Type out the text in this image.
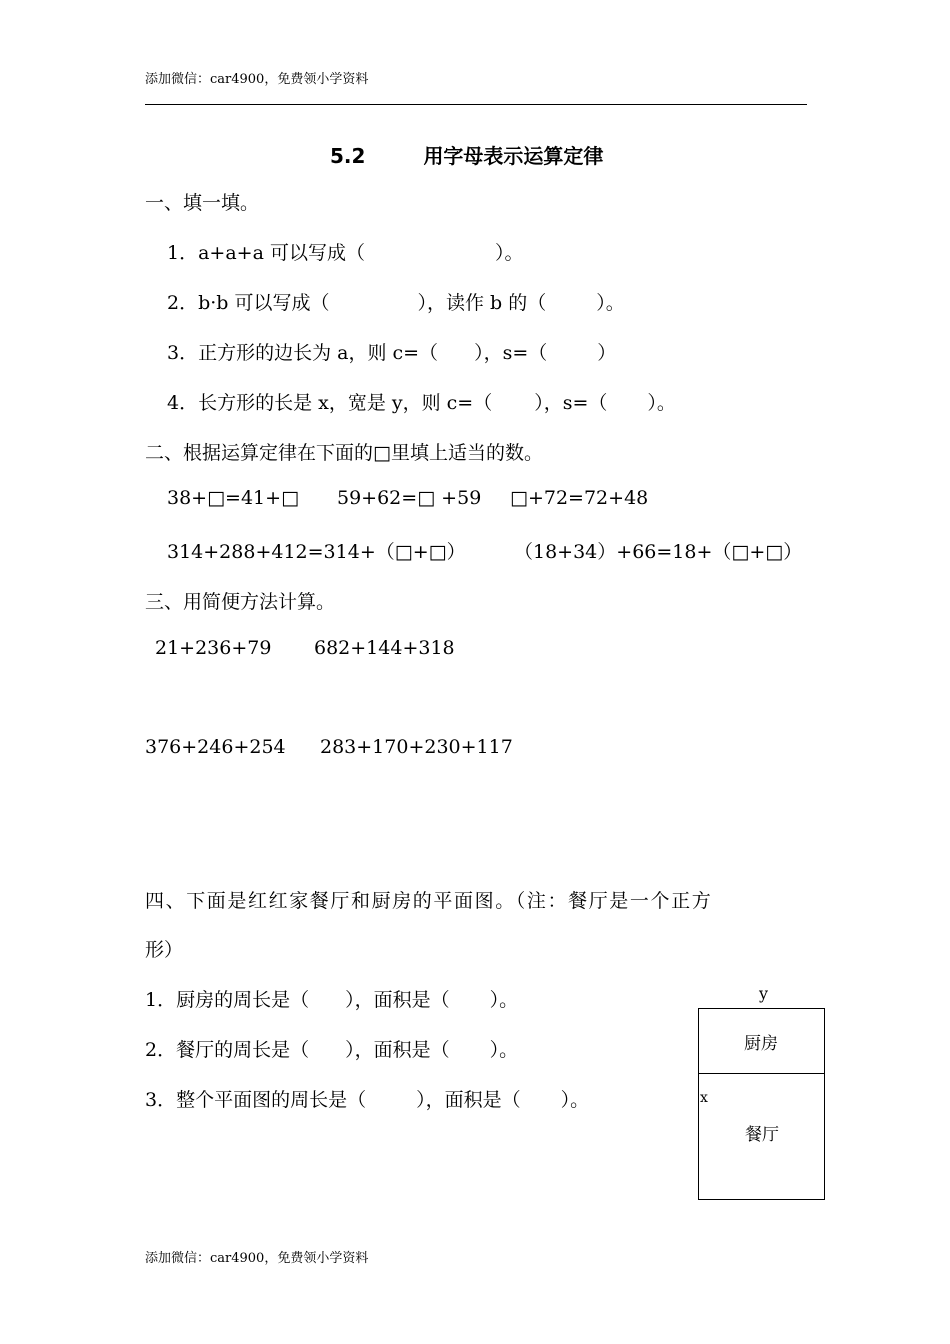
添加微信：car4900，免费领小学资料
5.2	用字母表示运算定律
一、填一填。
1．a+a+a 可以写成（	）。
2．b·b 可以写成（	），读作 b 的（	）。
3．正方形的边长为 a，则 c=（ ），s=（	）
4．长方形的长是 x，宽是 y，则 c=（ ），s=（ ）。
二、根据运算定律在下面的□里填上适当的数。
38+□=41+□ 59+62=□ +59 □+72=72+48
314+288+412=314+（□+□）	（18+34）+66=18+（□+□）
三、用简便方法计算。
21+236+79 682+144+318
376+246+254 283+170+230+117
四、下面是红红家餐厅和厨房的平面图。（注：餐厅是一个正方
形）
1．厨房的周长是（ ），面积是（ ）。
2．餐厅的周长是（ ），面积是（ ）。
3．整个平面图的周长是（	），面积是（ ）。
y
厨房
餐厅
x
添加微信：car4900，免费领小学资料
